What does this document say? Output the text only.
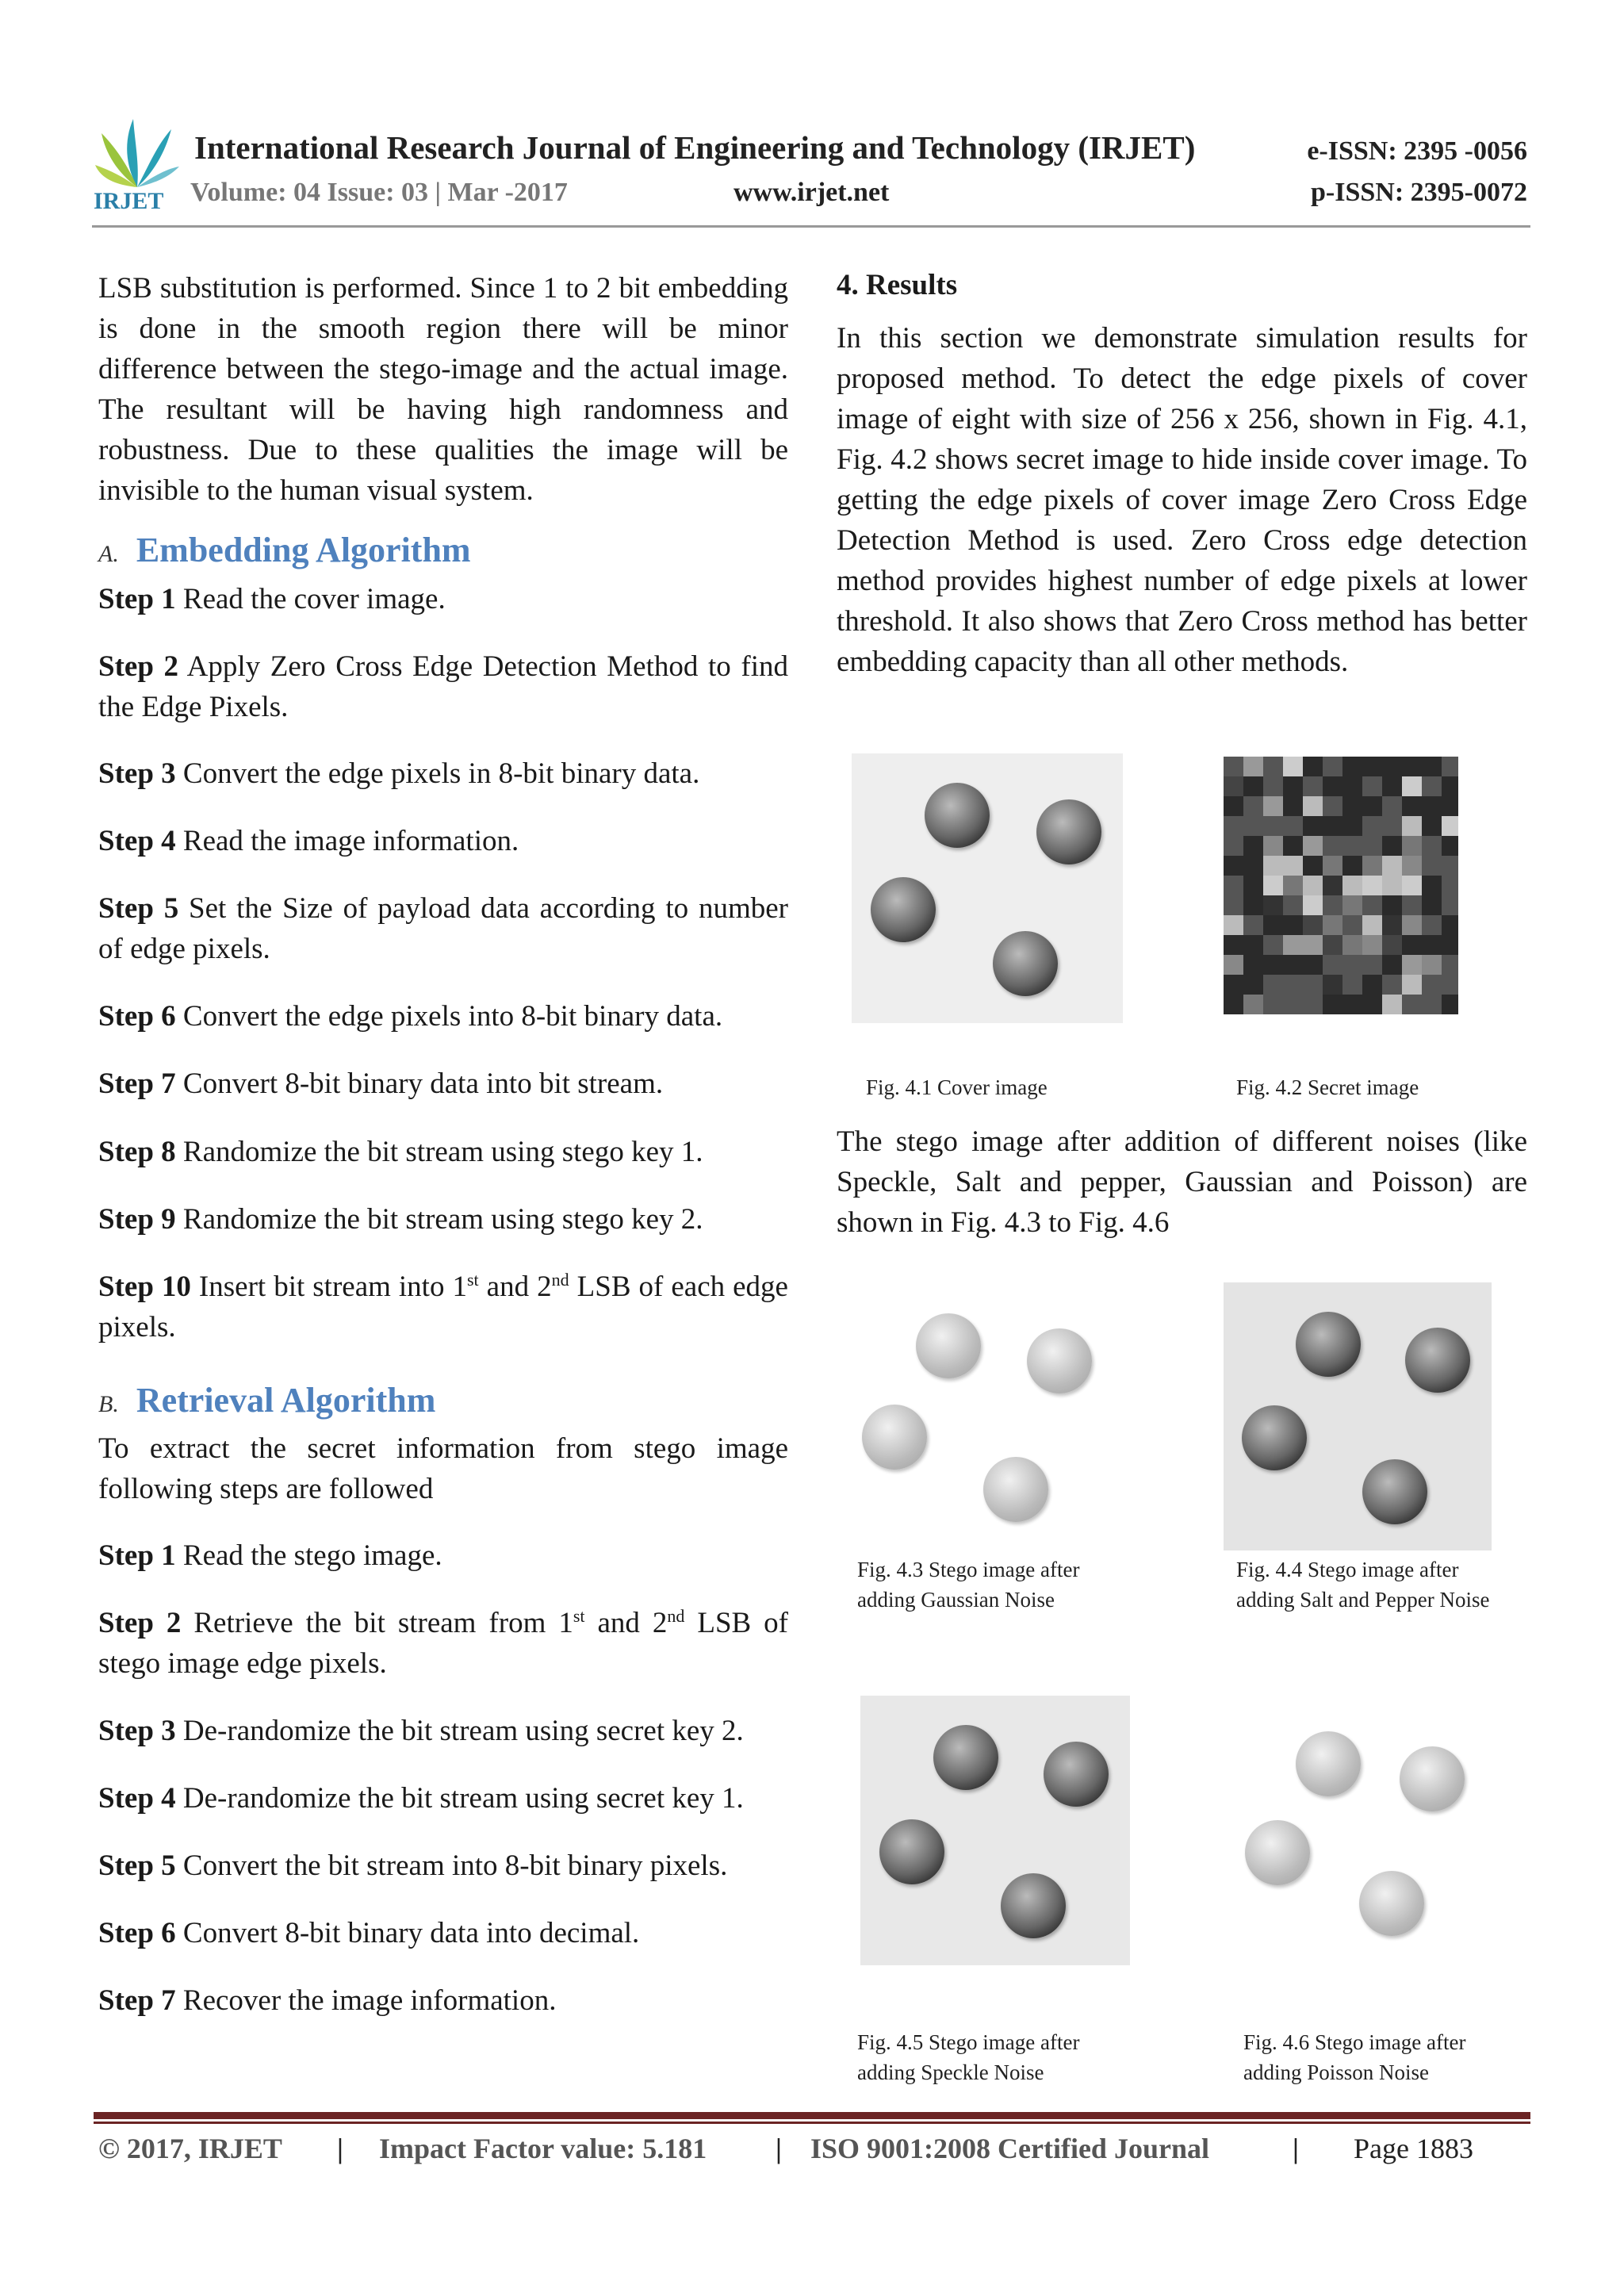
IRJET
International Research Journal of Engineering and Technology (IRJET)	e-ISSN: 2395 -0056
Volume: 04 Issue: 03 | Mar -2017	www.irjet.net	p-ISSN: 2395-0072
LSB substitution is performed. Since 1 to 2 bit embedding is done in the smooth region there will be minor difference between the stego-image and the actual image. The resultant will be having high randomness and robustness. Due to these qualities the image will be invisible to the human visual system.
A. Embedding Algorithm
B. Retrieval Algorithm
To extract the secret information from stego image following steps are followed
4. Results
In this section we demonstrate simulation results for proposed method. To detect the edge pixels of cover image of eight with size of 256 x 256, shown in Fig. 4.1, Fig. 4.2 shows secret image to hide inside cover image. To getting the edge pixels of cover image Zero Cross Edge Detection Method is used. Zero Cross edge detection method provides highest number of edge pixels at lower threshold. It also shows that Zero Cross method has better embedding capacity than all other methods.
Fig. 4.1 Cover image	Fig. 4.2 Secret image
The stego image after addition of different noises (like Speckle, Salt and pepper, Gaussian and Poisson) are shown in Fig. 4.3 to Fig. 4.6
Fig. 4.3 Stego image after adding Gaussian Noise
Fig. 4.4 Stego image after adding Salt and Pepper Noise
Fig. 4.5 Stego image after adding Speckle Noise
Fig. 4.6 Stego image after adding Poisson Noise
© 2017, IRJET | Impact Factor value: 5.181 | ISO 9001:2008 Certified Journal	| Page 1883
Step 1 Read the cover image.
Step 2 Apply Zero Cross Edge Detection Method to find the Edge Pixels.
Step 3 Convert the edge pixels in 8-bit binary data.
Step 4 Read the image information.
Step 5 Set the Size of payload data according to number of edge pixels.
Step 6 Convert the edge pixels into 8-bit binary data.
Step 7 Convert 8-bit binary data into bit stream.
Step 8 Randomize the bit stream using stego key 1.
Step 9 Randomize the bit stream using stego key 2.
Step 10 Insert bit stream into 1st and 2nd LSB of each edge pixels.
Step 1 Read the stego image.
Step 2 Retrieve the bit stream from 1st and 2nd LSB of stego image edge pixels.
Step 3 De-randomize the bit stream using secret key 2.
Step 4 De-randomize the bit stream using secret key 1.
Step 5 Convert the bit stream into 8-bit binary pixels.
Step 6 Convert 8-bit binary data into decimal.
Step 7 Recover the image information.
